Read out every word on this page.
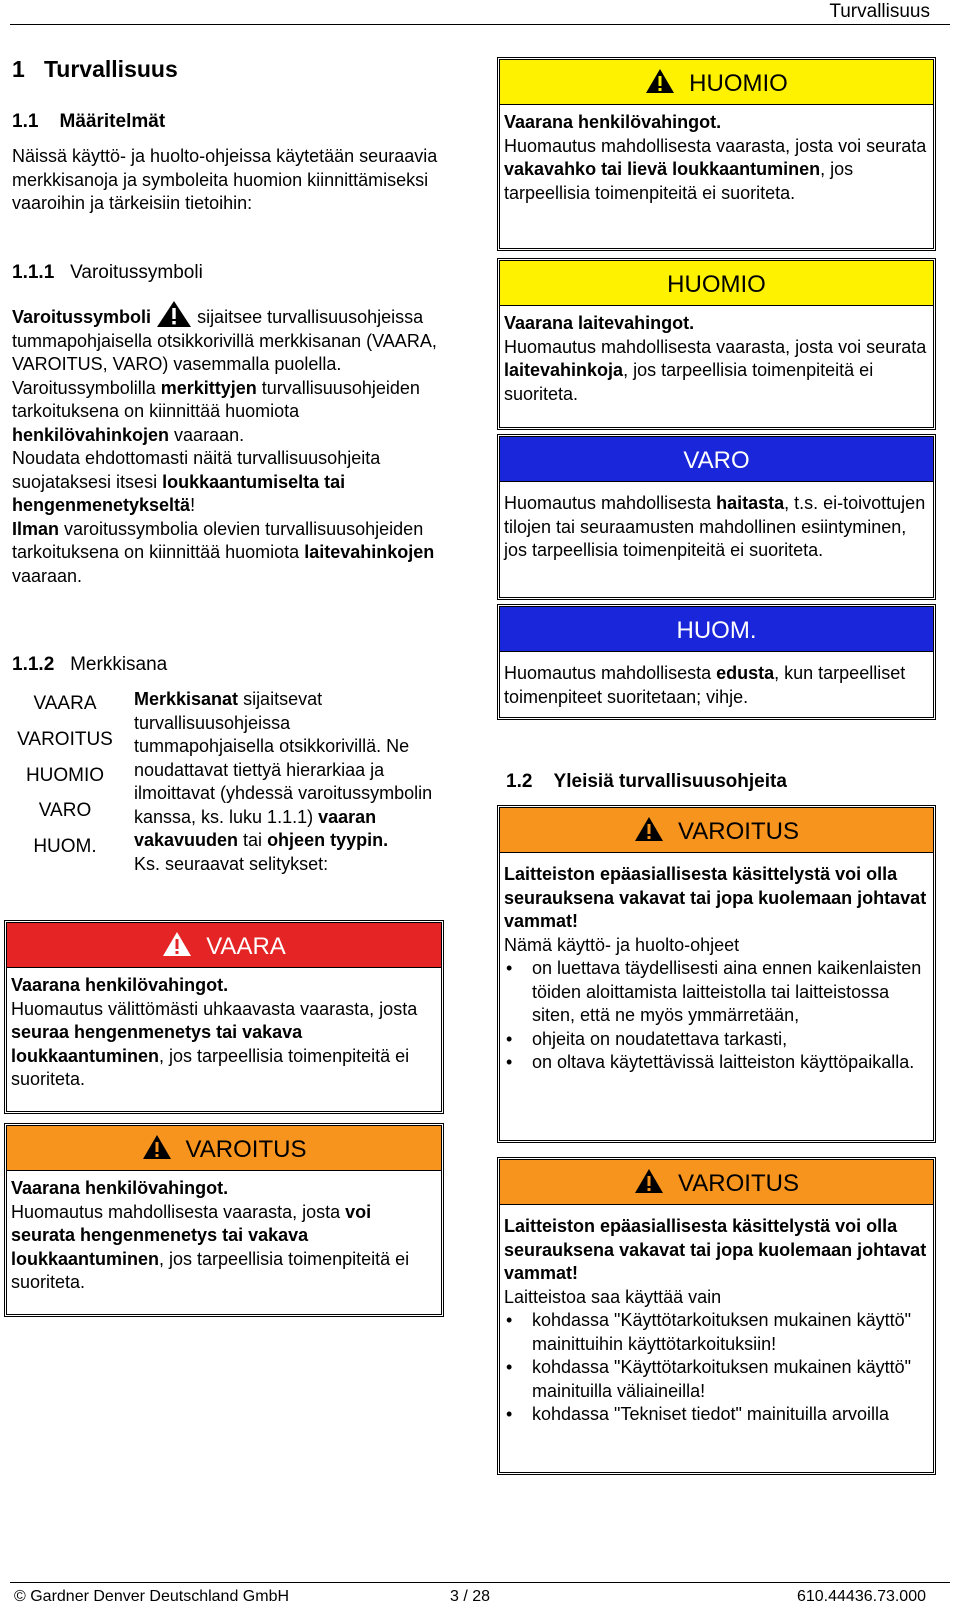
Turvallisuus
1 Turvallisuus
1.1 Määritelmät

Näissä käyttö- ja huolto-ohjeissa käytetään seuraavia merkkisanoja ja symboleita huomion kiinnittämiseksi vaaroihin ja tärkeisiin tietoihin:

1.1.1 Varoitussymboli

Varoitussymboli  sijaitsee turvallisuusohjeissa tummapohjaisella otsikkorivillä merkkisanan (VAARA, VAROITUS, VARO) vasemmalla puolella.

Varoitussymbolilla merkittyjen turvallisuusohjeiden tarkoituksena on kiinnittää huomiota henkilövahinkojen vaaraan.

Noudata ehdottomasti näitä turvallisuusohjeita suojataksesi itsesi loukkaantumiselta tai hengenmenetykseltä!

Ilman varoitussymbolia olevien turvallisuusohjeiden tarkoituksena on kiinnittää huomiota laitevahinkojen vaaraan.

1.1.2 Merkkisana
VAARA
VAROITUS
HUOMIO
VARO
HUOM.

Merkkisanat sijaitsevat turvallisuusohjeissa tummapohjaisella otsikkorivillä. Ne noudattavat tiettyä hierarkiaa ja ilmoittavat (yhdessä varoitussymbolin kanssa, ks. luku 1.1.1) vaaran vakavuuden tai ohjeen tyypin.

Ks. seuraavat selitykset:

VAARA

Vaarana henkilövahingot.

Huomautus välittömästi uhkaavasta vaarasta, josta seuraa hengenmenetys tai vakava loukkaantuminen, jos tarpeellisia toimenpiteitä ei suoriteta.

VAROITUS

Vaarana henkilövahingot.

Huomautus mahdollisesta vaarasta, josta voi seurata hengenmenetys tai vakava loukkaantuminen, jos tarpeellisia toimenpiteitä ei suoriteta.

HUOMIO

Vaarana henkilövahingot.

Huomautus mahdollisesta vaarasta, josta voi seurata vakavahko tai lievä loukkaantuminen, jos tarpeellisia toimenpiteitä ei suoriteta.

HUOMIO

Vaarana laitevahingot.

Huomautus mahdollisesta vaarasta, josta voi seurata laitevahinkoja, jos tarpeellisia toimenpiteitä ei suoriteta.

VARO

Huomautus mahdollisesta haitasta, t.s. ei-toivottujen tilojen tai seuraamusten mahdollinen esiintyminen, jos tarpeellisia toimenpiteitä ei suoriteta.

HUOM.

Huomautus mahdollisesta edusta, kun tarpeelliset toimenpiteet suoritetaan; vihje.

1.2 Yleisiä turvallisuusohjeita
VAROITUS

Laitteiston epäasiallisesta käsittelystä voi olla seurauksena vakavat tai jopa kuolemaan johtavat vammat!

Nämä käyttö- ja huolto-ohjeet

• on luettava täydellisesti aina ennen kaikenlaisten töiden aloittamista laitteistolla tai laitteistossa siten, että ne myös ymmärretään,
• ohjeita on noudatettava tarkasti,
• on oltava käytettävissä laitteiston käyttöpaikalla.
VAROITUS

Laitteiston epäasiallisesta käsittelystä voi olla seurauksena vakavat tai jopa kuolemaan johtavat vammat!

Laitteistoa saa käyttää vain

• kohdassa "Käyttötarkoituksen mukainen käyttö" mainittuihin käyttötarkoituksiin!
• kohdassa "Käyttötarkoituksen mukainen käyttö" mainituilla väliaineilla!
• kohdassa "Tekniset tiedot" mainituilla arvoilla
© Gardner Denver Deutschland GmbH	3 / 28	610.44436.73.000
